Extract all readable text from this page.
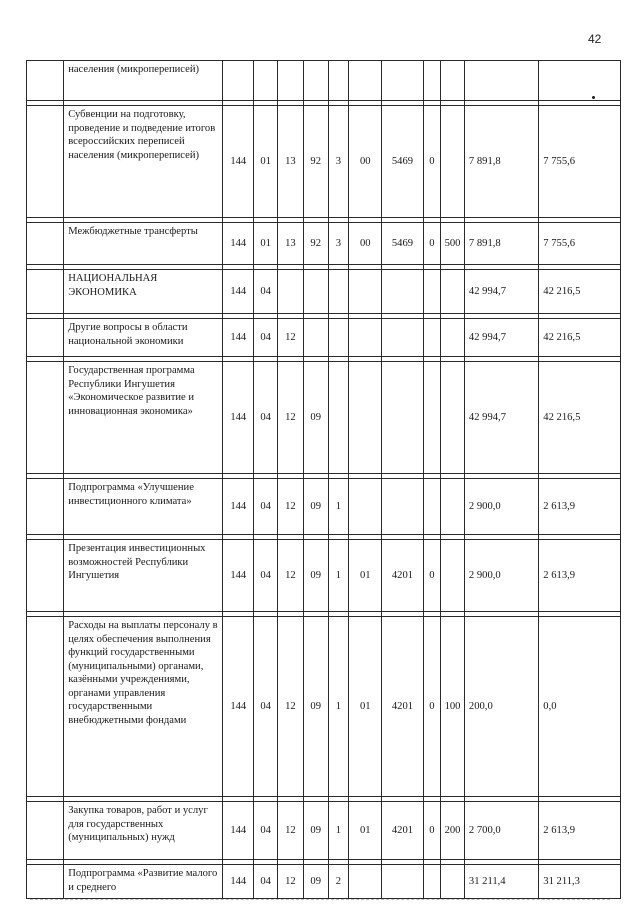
42
	населения (микропереписей)											

	Субвенции на подготовку, проведение и подведение итогов всероссийских переписей населения (микропереписей)	144	01	13	92	3	00	5469	0		7 891,8	7 755,6

	Межбюджетные трансферты	144	01	13	92	3	00	5469	0	500	7 891,8	7 755,6

	НАЦИОНАЛЬНАЯ ЭКОНОМИКА	144	04								42 994,7	42 216,5

	Другие вопросы в области национальной экономики	144	04	12							42 994,7	42 216,5

	Государственная программа Республики Ингушетия «Экономическое развитие и инновационная экономика»	144	04	12	09						42 994,7	42 216,5

	Подпрограмма «Улучшение инвестиционного климата»	144	04	12	09	1					2 900,0	2 613,9

	Презентация инвестиционных возможностей Республики Ингушетия	144	04	12	09	1	01	4201	0		2 900,0	2 613,9

	Расходы на выплаты персоналу в целях обеспечения выполнения функций государственными (муниципальными) органами, казёнными учреждениями, органами управления государственными внебюджетными фондами	144	04	12	09	1	01	4201	0	100	200,0	0,0

	Закупка товаров, работ и услуг для государственных (муниципальных) нужд	144	04	12	09	1	01	4201	0	200	2 700,0	2 613,9

	Подпрограмма «Развитие малого и среднего	144	04	12	09	2					31 211,4	31 211,3
